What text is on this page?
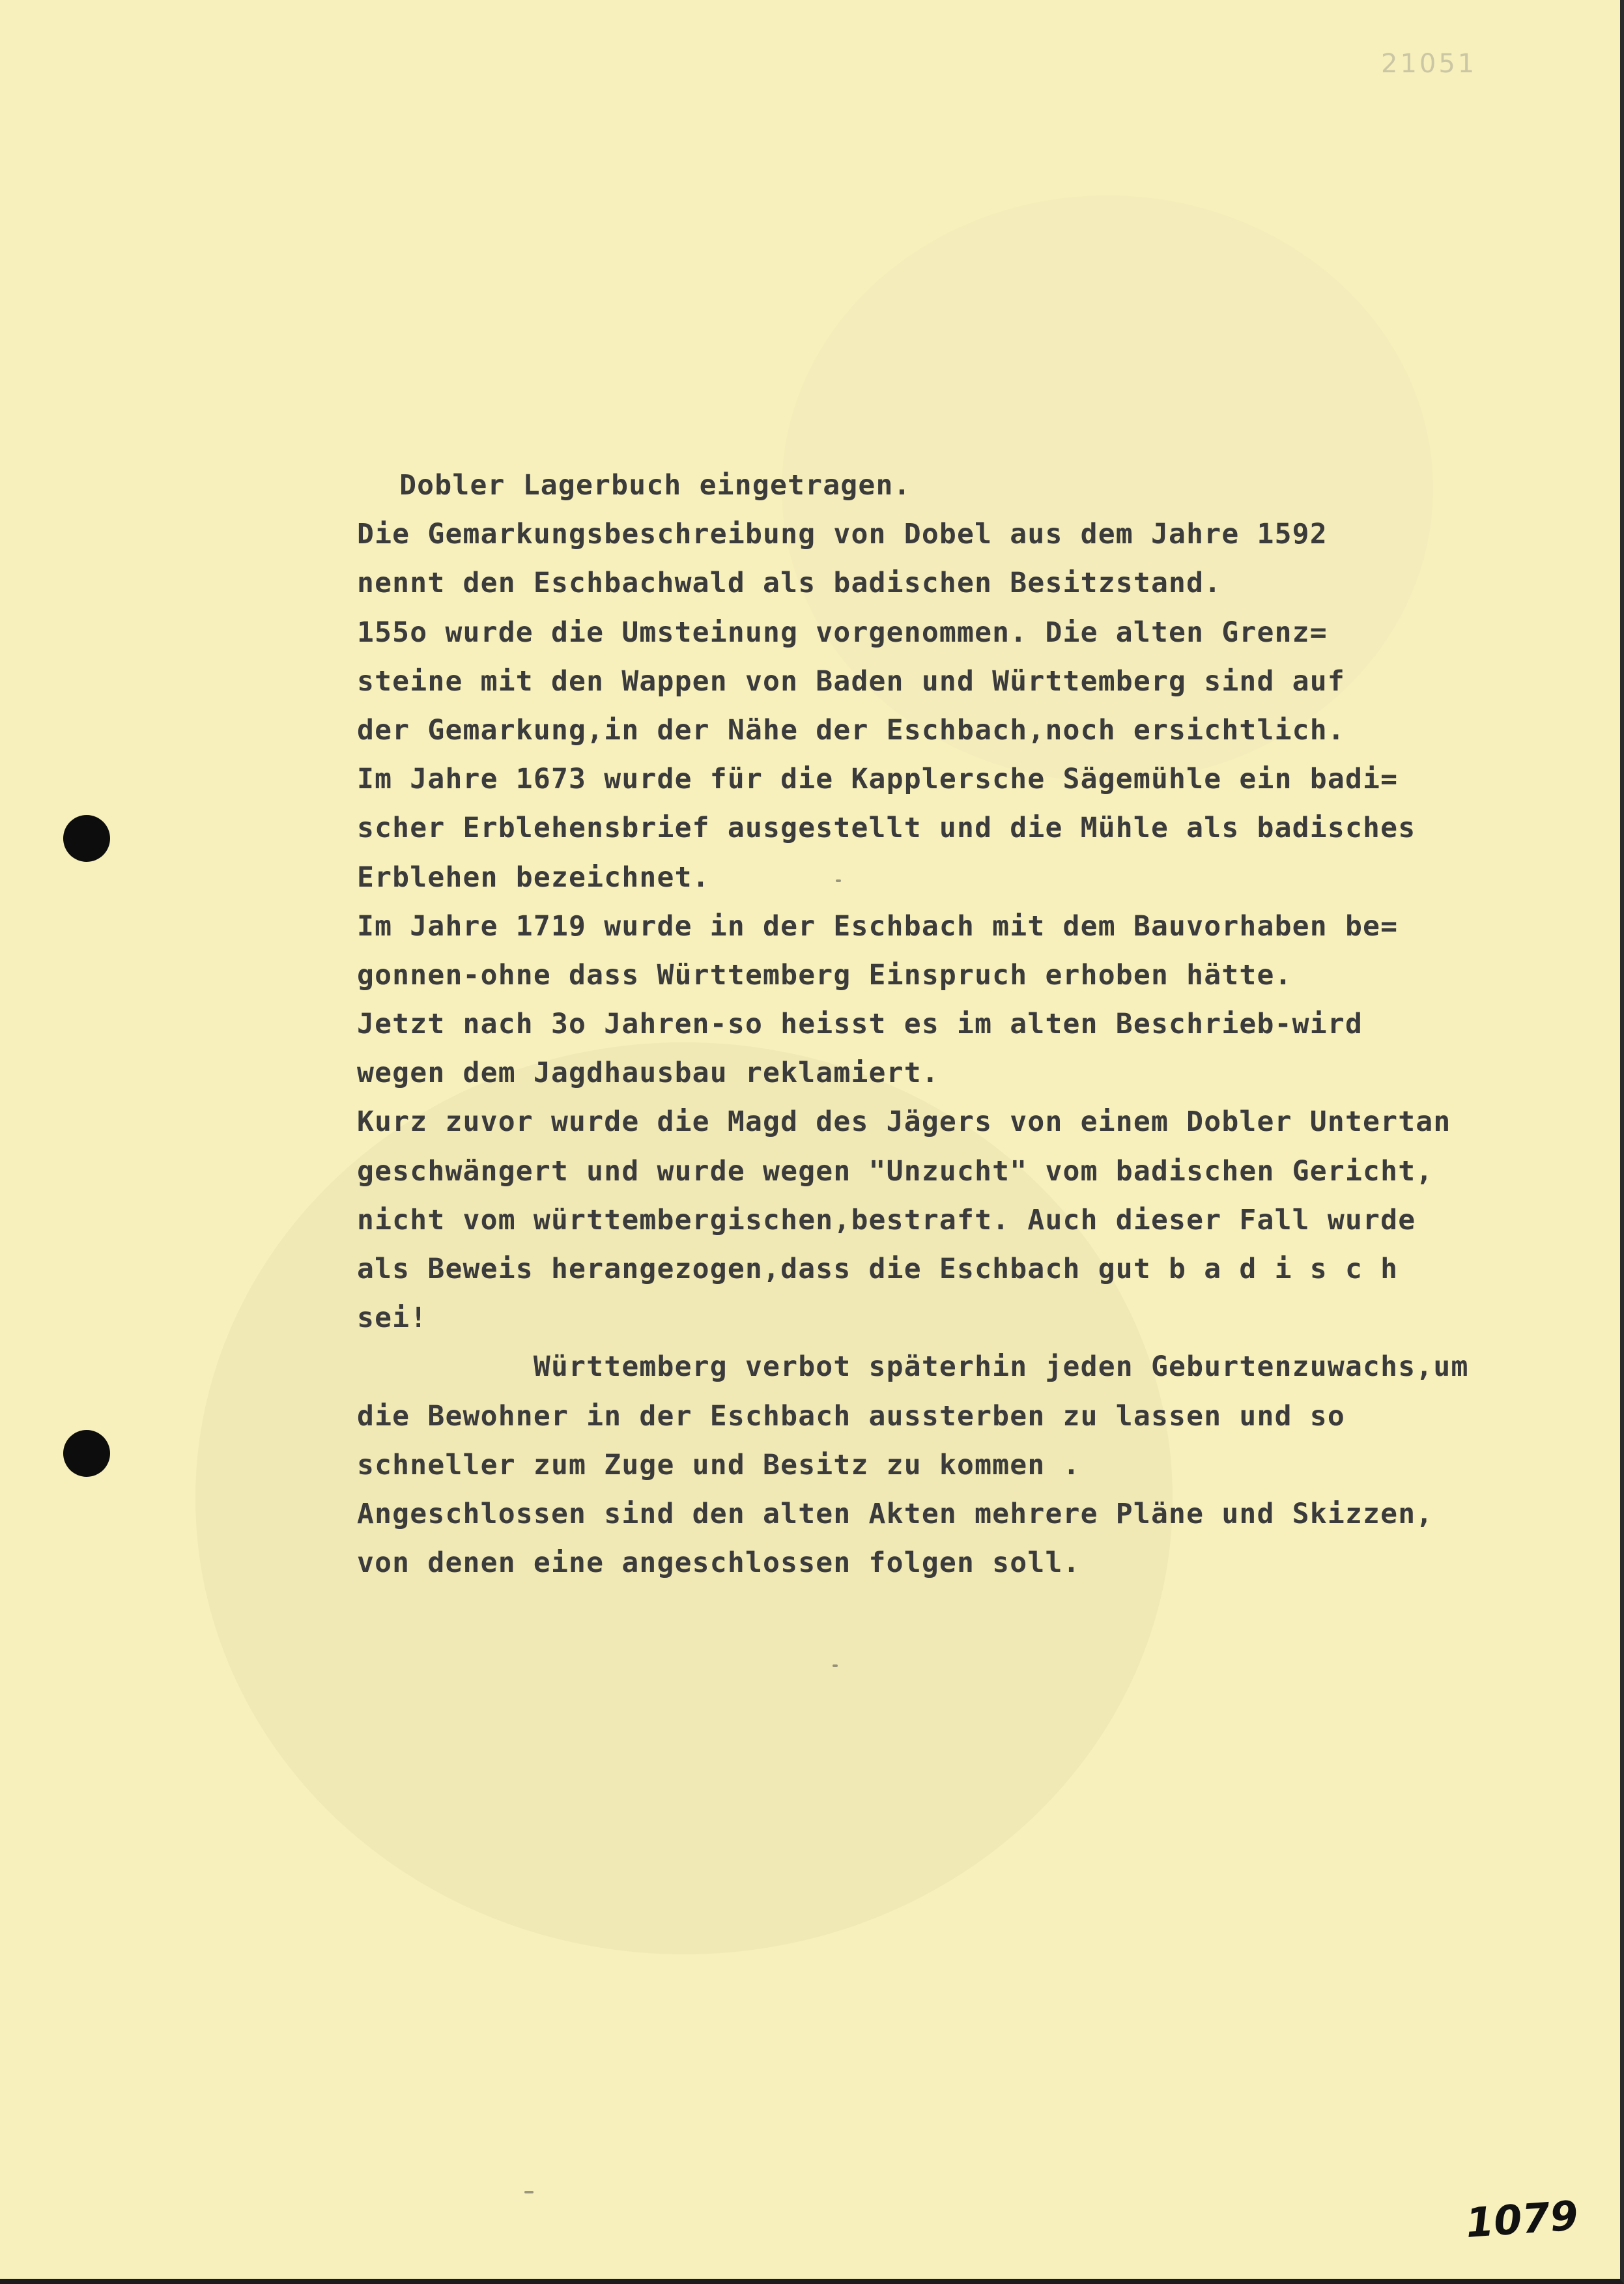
21051
Dobler Lagerbuch eingetragen.
Die Gemarkungsbeschreibung von Dobel aus dem Jahre 1592
nennt den Eschbachwald als badischen Besitzstand.
155o wurde die Umsteinung vorgenommen. Die alten Grenz=
steine mit den Wappen von Baden und Württemberg sind auf
der Gemarkung,in der Nähe der Eschbach,noch ersichtlich.
Im Jahre 1673 wurde für die Kapplersche Sägemühle ein badi=
scher Erblehensbrief ausgestellt und die Mühle als badisches
Erblehen bezeichnet.
Im Jahre 1719 wurde in der Eschbach mit dem Bauvorhaben be=
gonnen-ohne dass Württemberg Einspruch erhoben hätte.
Jetzt nach 3o Jahren-so heisst es im alten Beschrieb-wird
wegen dem Jagdhausbau reklamiert.
Kurz zuvor wurde die Magd des Jägers von einem Dobler Untertan
geschwängert und wurde wegen "Unzucht" vom badischen Gericht,
nicht vom württembergischen,bestraft. Auch dieser Fall wurde
als Beweis herangezogen,dass die Eschbach gut b a d i s c h
sei!
Württemberg verbot späterhin jeden Geburtenzuwachs,um
die Bewohner in der Eschbach aussterben zu lassen und so
schneller zum Zuge und Besitz zu kommen .
Angeschlossen sind den alten Akten mehrere Pläne und Skizzen,
von denen eine angeschlossen folgen soll.
1079
